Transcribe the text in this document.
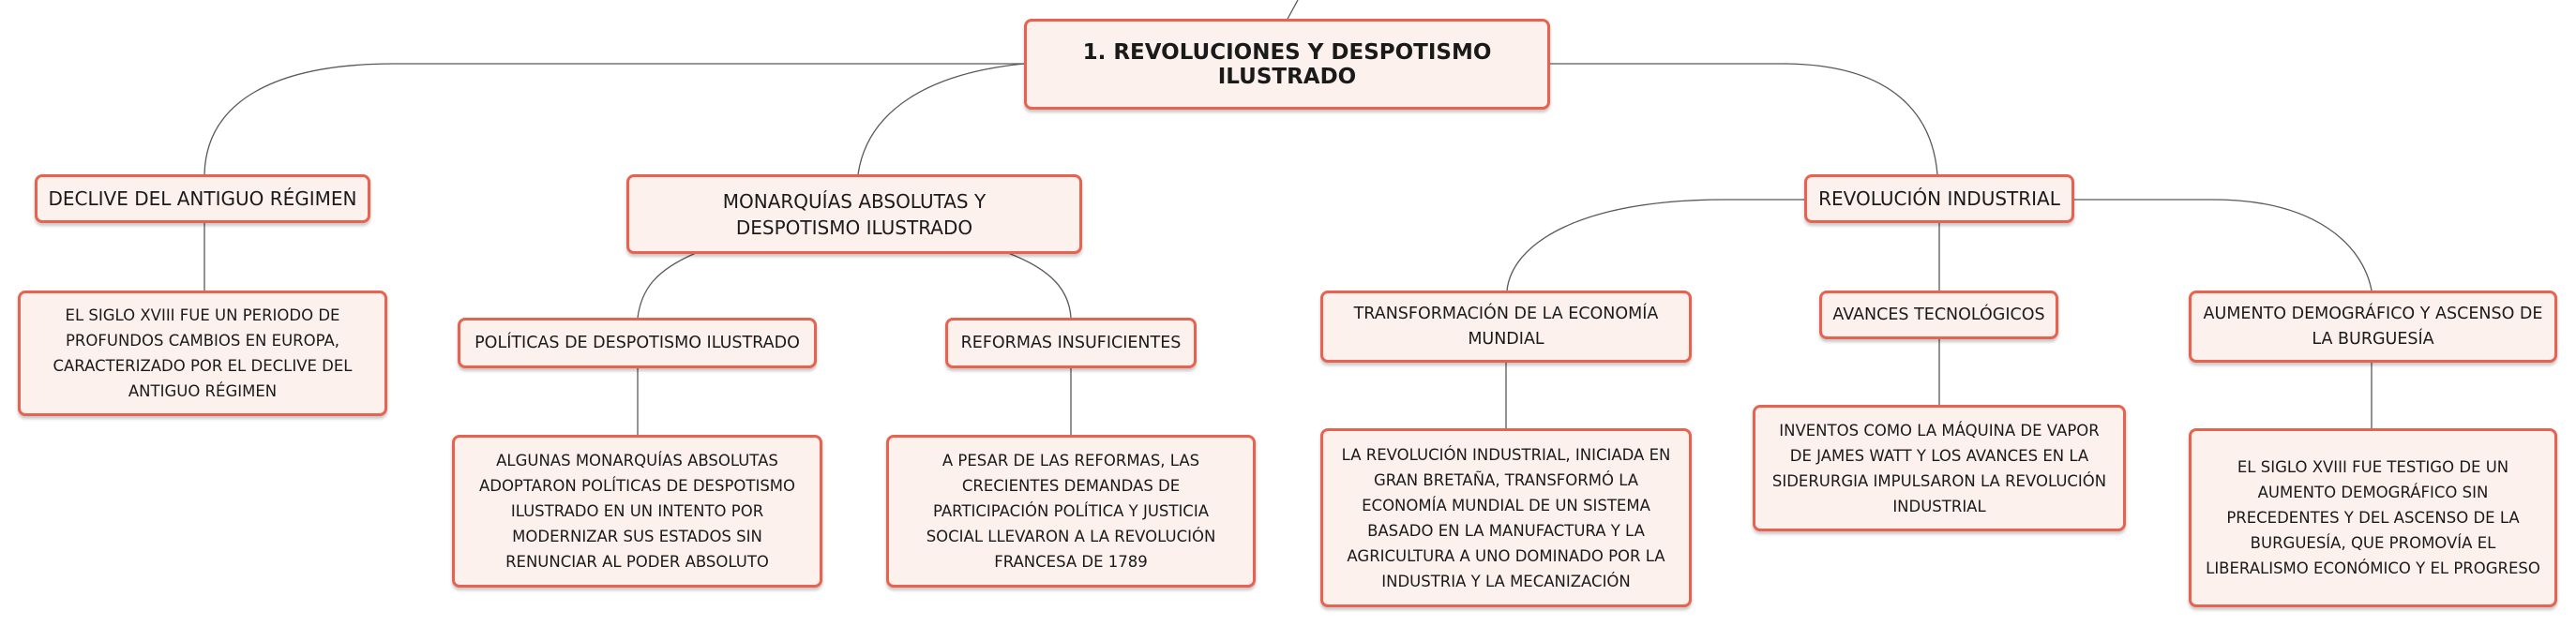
1. REVOLUCIONES Y DESPOTISMO ILUSTRADO
DECLIVE DEL ANTIGUO RÉGIMEN	MONARQUÍAS ABSOLUTAS Y DESPOTISMO ILUSTRADO
REVOLUCIÓN INDUSTRIAL
EL SIGLO XVIII FUE UN PERIODO DE PROFUNDOS CAMBIOS EN EUROPA, CARACTERIZADO POR EL DECLIVE DEL ANTIGUO RÉGIMEN
POLÍTICAS DE DESPOTISMO ILUSTRADO	REFORMAS INSUFICIENTES
ALGUNAS MONARQUÍAS ABSOLUTAS ADOPTARON POLÍTICAS DE DESPOTISMO ILUSTRADO EN UN INTENTO POR MODERNIZAR SUS ESTADOS SIN RENUNCIAR AL PODER ABSOLUTO
A PESAR DE LAS REFORMAS, LAS CRECIENTES DEMANDAS DE PARTICIPACIÓN POLÍTICA Y JUSTICIA SOCIAL LLEVARON A LA REVOLUCIÓN FRANCESA DE 1789
TRANSFORMACIÓN DE LA ECONOMÍA MUNDIAL
AVANCES TECNOLÓGICOS	AUMENTO DEMOGRÁFICO Y ASCENSO DE LA BURGUESÍA
LA REVOLUCIÓN INDUSTRIAL, INICIADA EN GRAN BRETAÑA, TRANSFORMÓ LA ECONOMÍA MUNDIAL DE UN SISTEMA BASADO EN LA MANUFACTURA Y LA AGRICULTURA A UNO DOMINADO POR LA INDUSTRIA Y LA MECANIZACIÓN
INVENTOS COMO LA MÁQUINA DE VAPOR DE JAMES WATT Y LOS AVANCES EN LA SIDERURGIA IMPULSARON LA REVOLUCIÓN INDUSTRIAL
EL SIGLO XVIII FUE TESTIGO DE UN AUMENTO DEMOGRÁFICO SIN PRECEDENTES Y DEL ASCENSO DE LA BURGUESÍA, QUE PROMOVÍA EL LIBERALISMO ECONÓMICO Y EL PROGRESO
